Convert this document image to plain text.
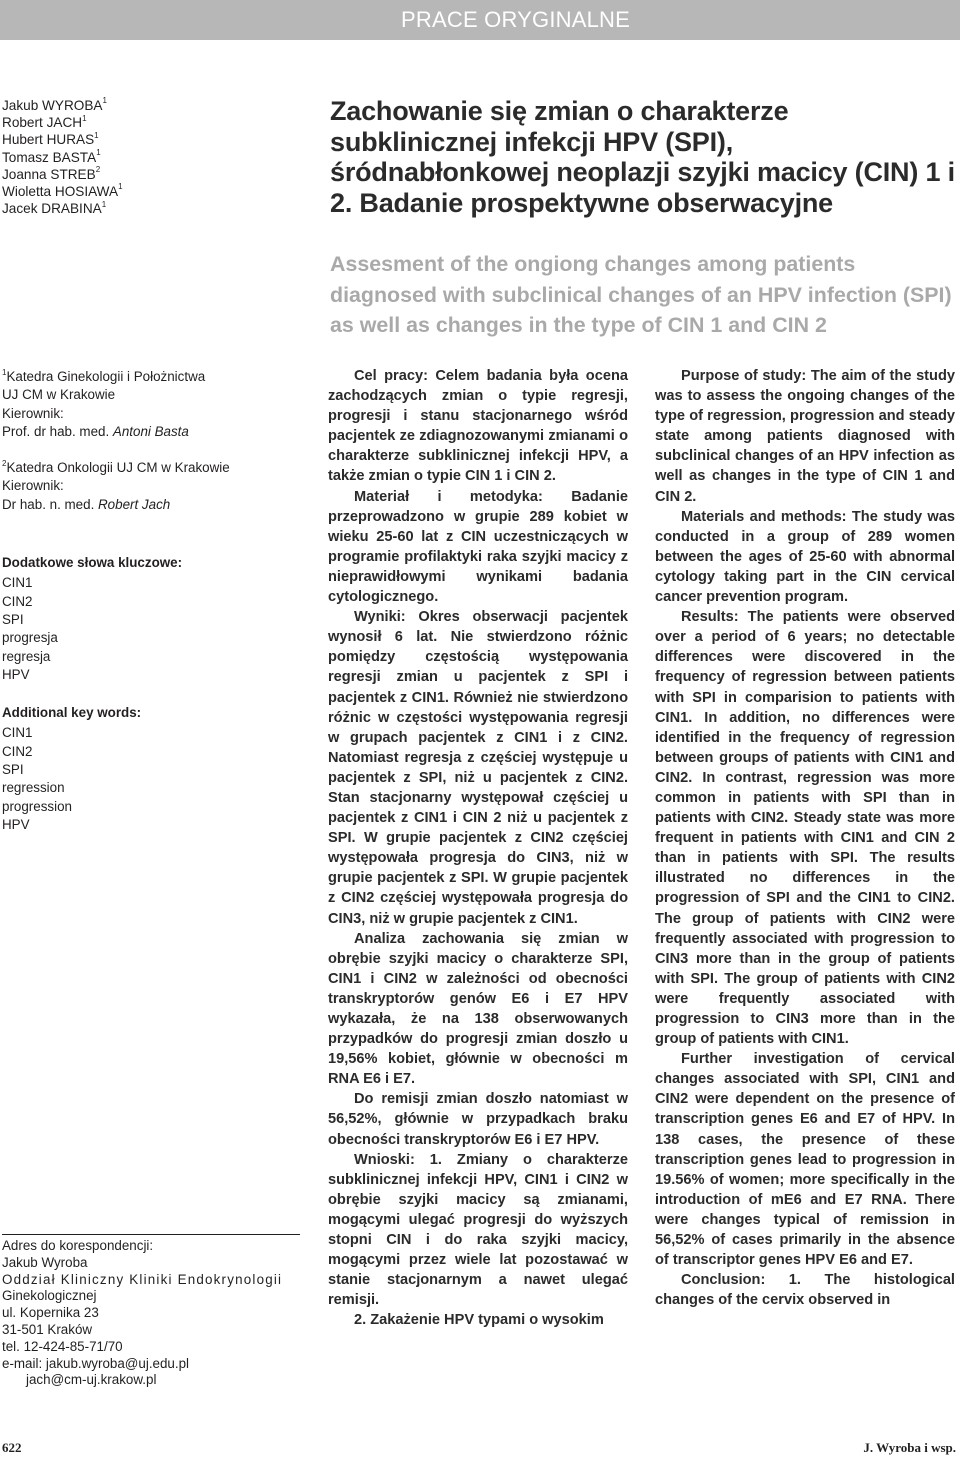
PRACE ORYGINALNE
Jakub WYROBA$^1$
Robert JACH$^1$
Hubert HURAS$^1$
Tomasz BASTA$^1$
Joanna STREB$^2$
Wioletta HOSIAWA$^1$
Jacek DRABINA$^1$
Zachowanie się zmian o charakterze subklinicznej infekcji HPV (SPI), śródnabłonkowej neoplazji szyjki macicy (CIN) 1 i 2. Badanie prospektywne obserwacyjne
Assesment of the ongiong changes among patients diagnosed with subclinical changes of an HPV infection (SPI) as well as changes in the type of CIN 1 and CIN 2
$^1$Katedra Ginekologii i Położnictwa
UJ CM w Krakowie
Kierownik:
Prof. dr hab. med. Antoni Basta
$^2$Katedra Onkologii UJ CM w Krakowie
Kierownik:
Dr hab. n. med. Robert Jach
Dodatkowe słowa kluczowe:
CIN1
CIN2
SPI
progresja
regresja
HPV
Additional key words:
CIN1
CIN2
SPI
regression
progression
HPV
Adres do korespondencji:
Jakub Wyroba
Oddział Kliniczny Kliniki Endokrynologii
Ginekologicznej
ul. Kopernika 23
31-501 Kraków
tel. 12-424-85-71/70
e-mail: jakub.wyroba@uj.edu.pl
jach@cm-uj.krakow.pl

Cel pracy: Celem badania była ocena zachodzących zmian o typie regresji, progresji i stanu stacjonarnego wśród pacjentek ze zdiagnozowanymi zmianami o charakterze subklinicznej infekcji HPV, a także zmian o typie CIN 1 i CIN 2.

Materiał i metodyka: Badanie przeprowadzono w grupie 289 kobiet w wieku 25-60 lat z CIN uczestniczących w programie profilaktyki raka szyjki macicy z nieprawidłowymi wynikami badania cytologicznego.

Wyniki: Okres obserwacji pacjentek wynosił 6 lat. Nie stwierdzono różnic pomiędzy częstością występowania regresji zmian u pacjentek z SPI i pacjentek z CIN1. Również nie stwierdzono różnic w częstości występowania regresji w grupach pacjentek z CIN1 i z CIN2. Natomiast regresja z częściej występuje u pacjentek z SPI, niż u pacjentek z CIN2. Stan stacjonarny występował częściej u pacjentek z CIN1 i CIN 2 niż u pacjentek z SPI. W grupie pacjentek z CIN2 częściej występowała progresja do CIN3, niż w grupie pacjentek z SPI. W grupie pacjentek z CIN2 częściej występowała progresja do CIN3, niż w grupie pacjentek z CIN1.

Analiza zachowania się zmian w obrębie szyjki macicy o charakterze SPI, CIN1 i CIN2 w zależności od obecności transkryptorów genów E6 i E7 HPV wykazała, że na 138 obserwowanych przypadków do progresji zmian doszło u 19,56% kobiet, głównie w obecności m RNA E6 i E7.

Do remisji zmian doszło natomiast w 56,52%, głównie w przypadkach braku obecności transkryptorów E6 i E7 HPV.

Wnioski: 1. Zmiany o charakterze subklinicznej infekcji HPV, CIN1 i CIN2 w obrębie szyjki macicy są zmianami, mogącymi ulegać progresji do wyższych stopni CIN i do raka szyjki macicy, mogącymi przez wiele lat pozostawać w stanie stacjonarnym a nawet ulegać remisji.

2. Zakażenie HPV typami o wysokim

Purpose of study: The aim of the study was to assess the ongoing changes of the type of regression, progression and steady state among patients diagnosed with subclinical changes of an HPV infection as well as changes in the type of CIN 1 and CIN 2.

Materials and methods: The study was conducted in a group of 289 women between the ages of 25-60 with abnormal cytology taking part in the CIN cervical cancer prevention program.

Results: The patients were observed over a period of 6 years; no detectable differences were discovered in the frequency of regression between patients with SPI in comparision to patients with CIN1. In addition, no differences were identified in the frequency of regression between groups of patients with CIN1 and CIN2. In contrast, regression was more common in patients with SPI than in patients with CIN2. Steady state was more frequent in patients with CIN1 and CIN 2 than in patients with SPI. The results illustrated no differences in the progression of SPI and the CIN1 to CIN2. The group of patients with CIN2 were frequently associated with progression to CIN3 more than in the group of patients with SPI. The group of patients with CIN2 were frequently associated with progression to CIN3 more than in the group of patients with CIN1.

Further investigation of cervical changes associated with SPI, CIN1 and CIN2 were dependent on the presence of transcription genes E6 and E7 of HPV. In 138 cases, the presence of these transcription genes lead to progression in 19.56% of women; more specifically in the introduction of mE6 and E7 RNA. There were changes typical of remission in 56,52% of cases primarily in the absence of transcriptor genes HPV E6 and E7.

Conclusion: 1. The histological changes of the cervix observed in

622	J. Wyroba i wsp.
